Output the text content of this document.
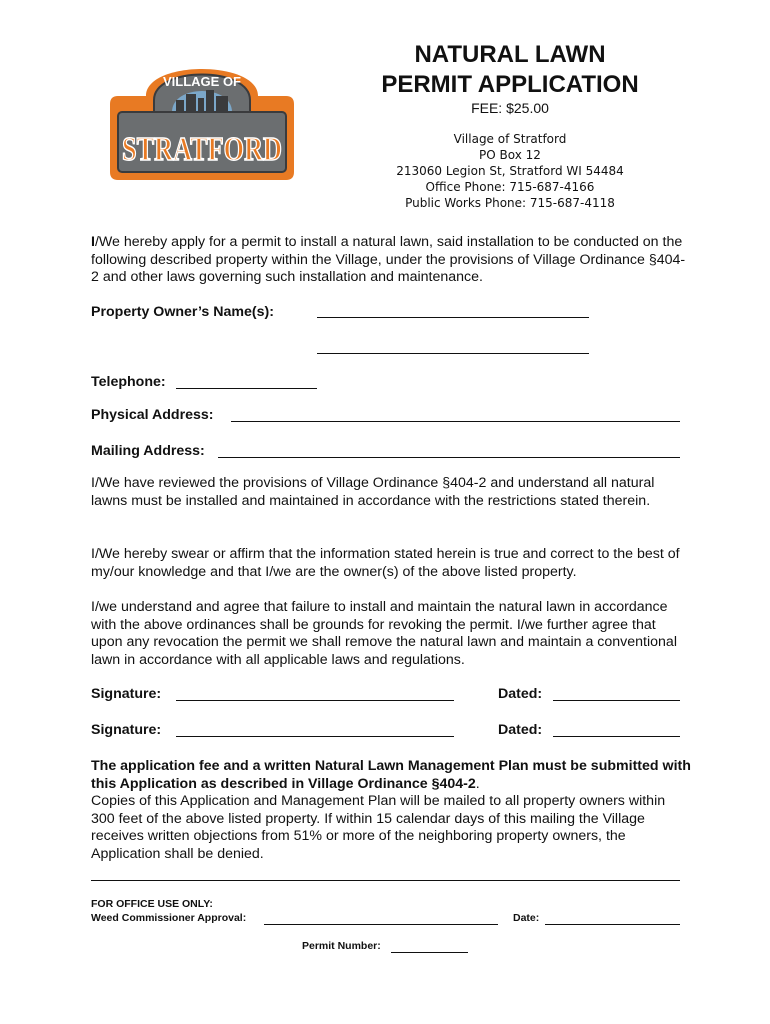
VILLAGE OF
STRATFORD
NATURAL LAWN
PERMIT APPLICATION
FEE: $25.00
Village of Stratford
PO Box 12
213060 Legion St, Stratford WI 54484
Office Phone: 715-687-4166
Public Works Phone: 715-687-4118
I/We hereby apply for a permit to install a natural lawn, said installation to be conducted on the following described property within the Village, under the provisions of Village Ordinance §404-2 and other laws governing such installation and maintenance.
Property Owner’s Name(s):
Telephone:
Physical Address:
Mailing Address:
I/We have reviewed the provisions of Village Ordinance §404-2 and understand all natural lawns must be installed and maintained in accordance with the restrictions stated therein.
I/We hereby swear or affirm that the information stated herein is true and correct to the best of my/our knowledge and that I/we are the owner(s) of the above listed property.
I/we understand and agree that failure to install and maintain the natural lawn in accordance with the above ordinances shall be grounds for revoking the permit. I/we further agree that upon any revocation the permit we shall remove the natural lawn and maintain a conventional lawn in accordance with all applicable laws and regulations.
Signature:	Dated:
Signature:	Dated:
The application fee and a written Natural Lawn Management Plan must be submitted with this Application as described in Village Ordinance §404-2.
Copies of this Application and Management Plan will be mailed to all property owners within 300 feet of the above listed property. If within 15 calendar days of this mailing the Village receives written objections from 51% or more of the neighboring property owners, the Application shall be denied.
FOR OFFICE USE ONLY:
Weed Commissioner Approval:	Date:
Permit Number:
